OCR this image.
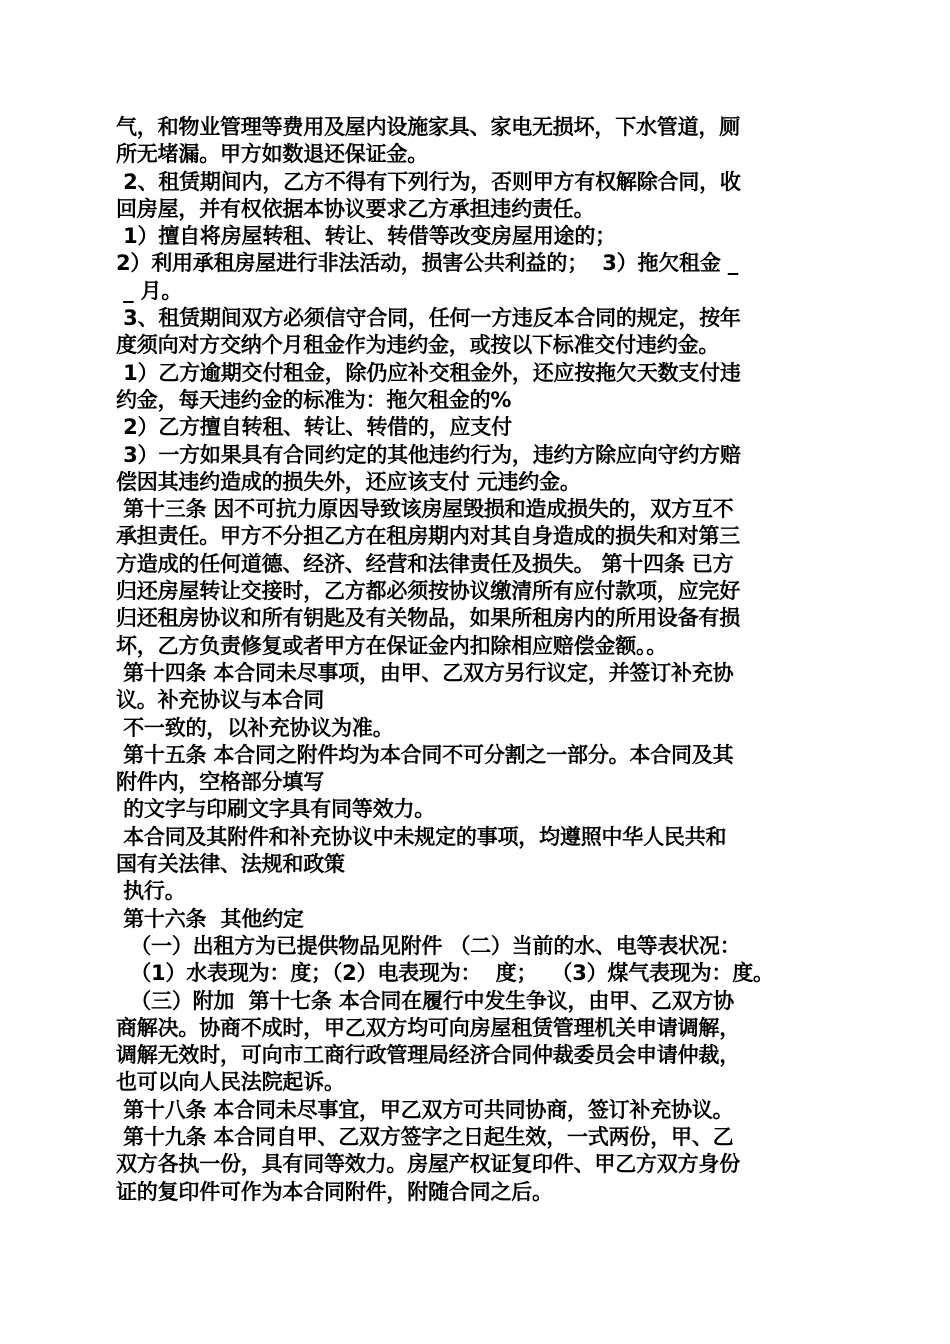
气，和物业管理等费用及屋内设施家具、家电无损坏，下水管道，厕
所无堵漏。甲方如数退还保证金。
2、租赁期间内，乙方不得有下列行为，否则甲方有权解除合同，收
回房屋，并有权依据本协议要求乙方承担违约责任。
1）擅自将房屋转租、转让、转借等改变房屋用途的；
2）利用承租房屋进行非法活动，损害公共利益的；  3）拖欠租金 _
_ 月。
3、租赁期间双方必须信守合同，任何一方违反本合同的规定，按年
度须向对方交纳个月租金作为违约金，或按以下标准交付违约金。
1）乙方逾期交付租金，除仍应补交租金外，还应按拖欠天数支付违
约金，每天违约金的标准为：拖欠租金的%
2）乙方擅自转租、转让、转借的，应支付
3）一方如果具有合同约定的其他违约行为，违约方除应向守约方赔
偿因其违约造成的损失外，还应该支付 元违约金。
第十三条 因不可抗力原因导致该房屋毁损和造成损失的，双方互不
承担责任。甲方不分担乙方在租房期内对其自身造成的损失和对第三
方造成的任何道德、经济、经营和法律责任及损失。 第十四条 已方
归还房屋转让交接时，乙方都必须按协议缴清所有应付款项，应完好
归还租房协议和所有钥匙及有关物品，如果所租房内的所用设备有损
坏，乙方负责修复或者甲方在保证金内扣除相应赔偿金额。。
第十四条 本合同未尽事项，由甲、乙双方另行议定，并签订补充协
议。补充协议与本合同
不一致的，以补充协议为准。
第十五条 本合同之附件均为本合同不可分割之一部分。本合同及其
附件内，空格部分填写
的文字与印刷文字具有同等效力。
本合同及其附件和补充协议中未规定的事项，均遵照中华人民共和
国有关法律、法规和政策
执行。
第十六条  其他约定
（一）出租方为已提供物品见附件 （二）当前的水、电等表状况：
（1）水表现为：度；（2）电表现为：  度；  （3）煤气表现为：度。
（三）附加  第十七条 本合同在履行中发生争议，由甲、乙双方协
商解决。协商不成时，甲乙双方均可向房屋租赁管理机关申请调解，
调解无效时，可向市工商行政管理局经济合同仲裁委员会申请仲裁，
也可以向人民法院起诉。
第十八条 本合同未尽事宜，甲乙双方可共同协商，签订补充协议。
第十九条 本合同自甲、乙双方签字之日起生效，一式两份，甲、乙
双方各执一份，具有同等效力。房屋产权证复印件、甲乙方双方身份
证的复印件可作为本合同附件，附随合同之后。
